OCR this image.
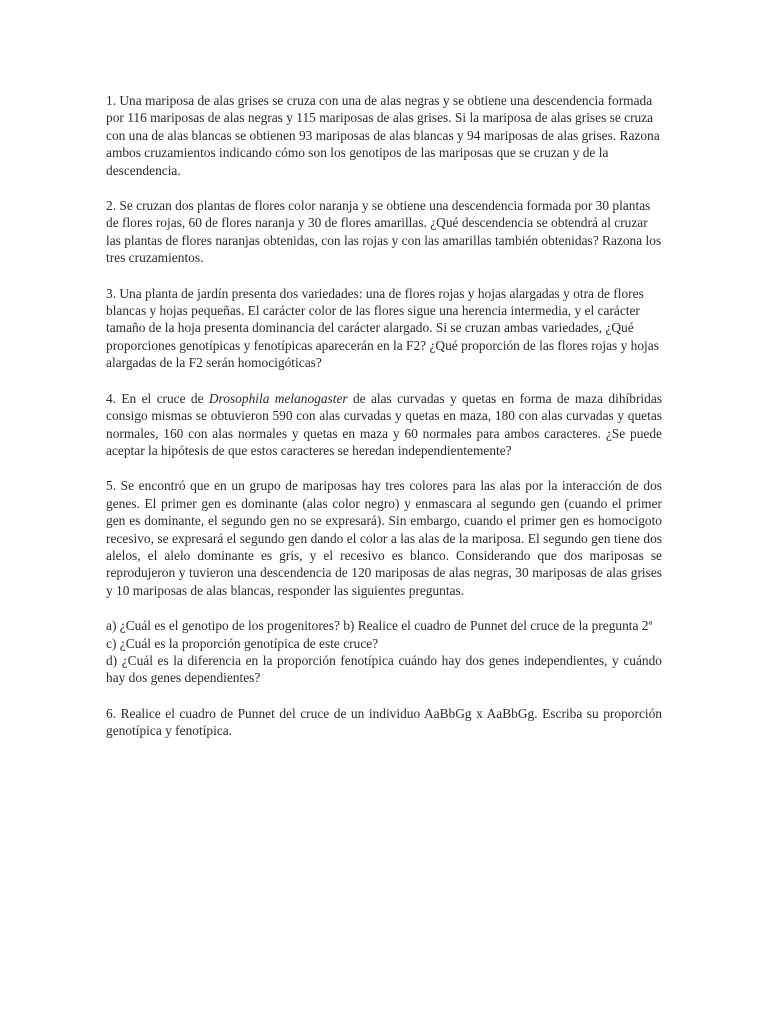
1. Una mariposa de alas grises se cruza con una de alas negras y se obtiene una descendencia formada por 116 mariposas de alas negras y 115 mariposas de alas grises. Si la mariposa de alas grises se cruza con una de alas blancas se obtienen 93 mariposas de alas blancas y 94 mariposas de alas grises. Razona ambos cruzamientos indicando cómo son los genotipos de las mariposas que se cruzan y de la descendencia.

2. Se cruzan dos plantas de flores color naranja y se obtiene una descendencia formada por 30 plantas de flores rojas, 60 de flores naranja y 30 de flores amarillas. ¿Qué descendencia se obtendrá al cruzar las plantas de flores naranjas obtenidas, con las rojas y con las amarillas también obtenidas? Razona los tres cruzamientos.

3. Una planta de jardín presenta dos variedades: una de flores rojas y hojas alargadas y otra de flores blancas y hojas pequeñas. El carácter color de las flores sigue una herencia intermedia, y el carácter tamaño de la hoja presenta dominancia del carácter alargado. Si se cruzan ambas variedades, ¿Qué proporciones genotípicas y fenotípicas aparecerán en la F2? ¿Qué proporción de las flores rojas y hojas alargadas de la F2 serán homocigóticas?

4. En el cruce de Drosophila melanogaster de alas curvadas y quetas en forma de maza dihíbridas consigo mismas se obtuvieron 590 con alas curvadas y quetas en maza, 180 con alas curvadas y quetas normales, 160 con alas normales y quetas en maza y 60 normales para ambos caracteres. ¿Se puede aceptar la hipótesis de que estos caracteres se heredan independientemente?

5. Se encontró que en un grupo de mariposas hay tres colores para las alas por la interacción de dos genes. El primer gen es dominante (alas color negro) y enmascara al segundo gen (cuando el primer gen es dominante, el segundo gen no se expresará). Sin embargo, cuando el primer gen es homocigoto recesivo, se expresará el segundo gen dando el color a las alas de la mariposa. El segundo gen tiene dos alelos, el alelo dominante es gris, y el recesivo es blanco. Considerando que dos mariposas se reprodujeron y tuvieron una descendencia de 120 mariposas de alas negras, 30 mariposas de alas grises y 10 mariposas de alas blancas, responder las siguientes preguntas.

a) ¿Cuál es el genotipo de los progenitores? b) Realice el cuadro de Punnet del cruce de la pregunta 2ª

c) ¿Cuál es la proporción genotípica de este cruce?

d) ¿Cuál es la diferencia en la proporción fenotípica cuándo hay dos genes independientes, y cuándo hay dos genes dependientes?

6. Realice el cuadro de Punnet del cruce de un individuo AaBbGg x AaBbGg. Escriba su proporción genotípica y fenotípica.
